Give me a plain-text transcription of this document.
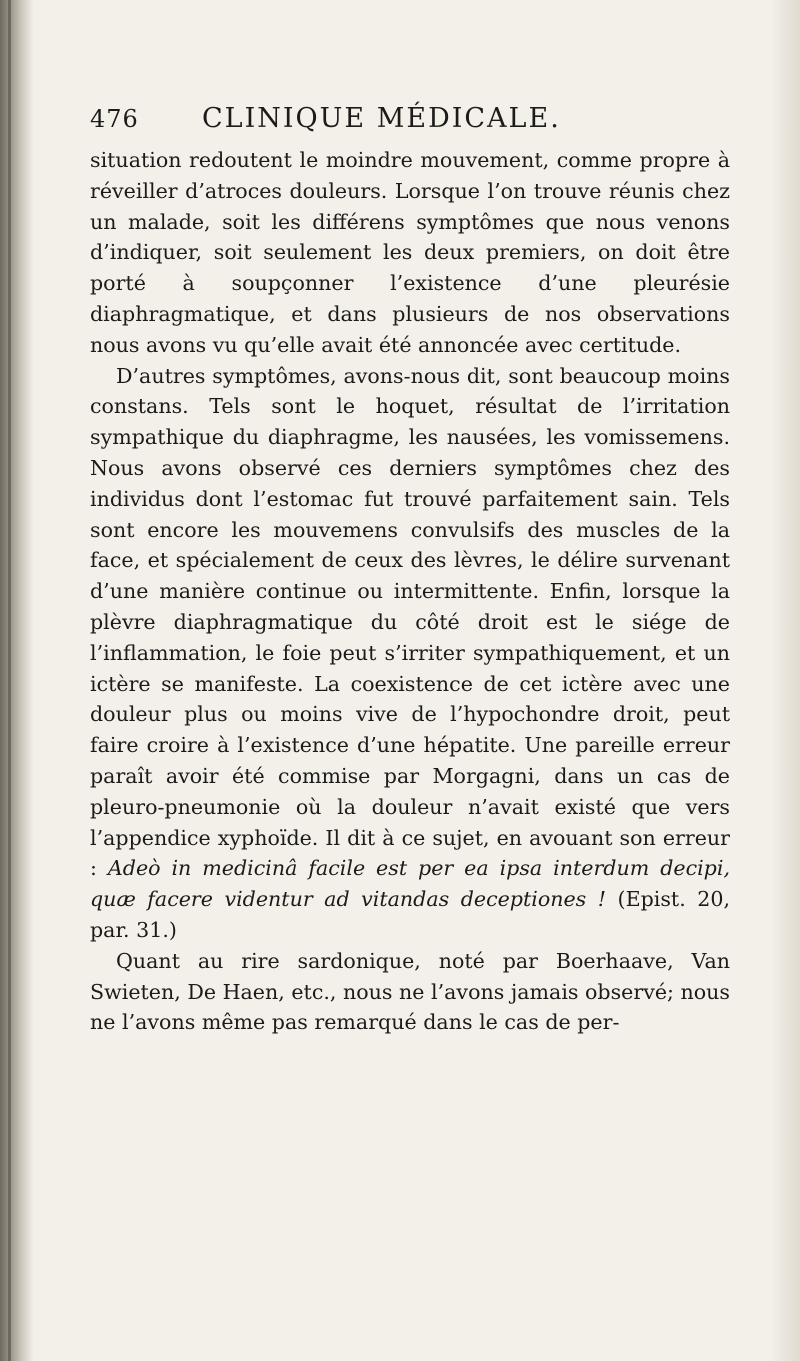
476 CLINIQUE MÉDICALE.

situation redoutent le moindre mouvement, comme propre à réveiller d’atroces douleurs. Lorsque l’on trouve réunis chez un malade, soit les différens symptômes que nous venons d’indiquer, soit seulement les deux premiers, on doit être porté à soupçonner l’existence d’une pleurésie diaphragmatique, et dans plusieurs de nos observations nous avons vu qu’elle avait été annoncée avec certitude.

D’autres symptômes, avons-nous dit, sont beaucoup moins constans. Tels sont le hoquet, résultat de l’irritation sympathique du diaphragme, les nausées, les vomissemens. Nous avons observé ces derniers symptômes chez des individus dont l’estomac fut trouvé parfaitement sain. Tels sont encore les mouvemens convulsifs des muscles de la face, et spécialement de ceux des lèvres, le délire survenant d’une manière continue ou intermittente. Enfin, lorsque la plèvre diaphragmatique du côté droit est le siége de l’inflammation, le foie peut s’irriter sympathiquement, et un ictère se manifeste. La coexistence de cet ictère avec une douleur plus ou moins vive de l’hypochondre droit, peut faire croire à l’existence d’une hépatite. Une pareille erreur paraît avoir été commise par Morgagni, dans un cas de pleuro-pneumonie où la douleur n’avait existé que vers l’appendice xyphoïde. Il dit à ce sujet, en avouant son erreur : Adeò in medicinâ facile est per ea ipsa interdum decipi, quæ facere videntur ad vitandas deceptiones ! (Epist. 20, par. 31.)

Quant au rire sardonique, noté par Boerhaave, Van Swieten, De Haen, etc., nous ne l’avons jamais observé; nous ne l’avons même pas remarqué dans le cas de per-
